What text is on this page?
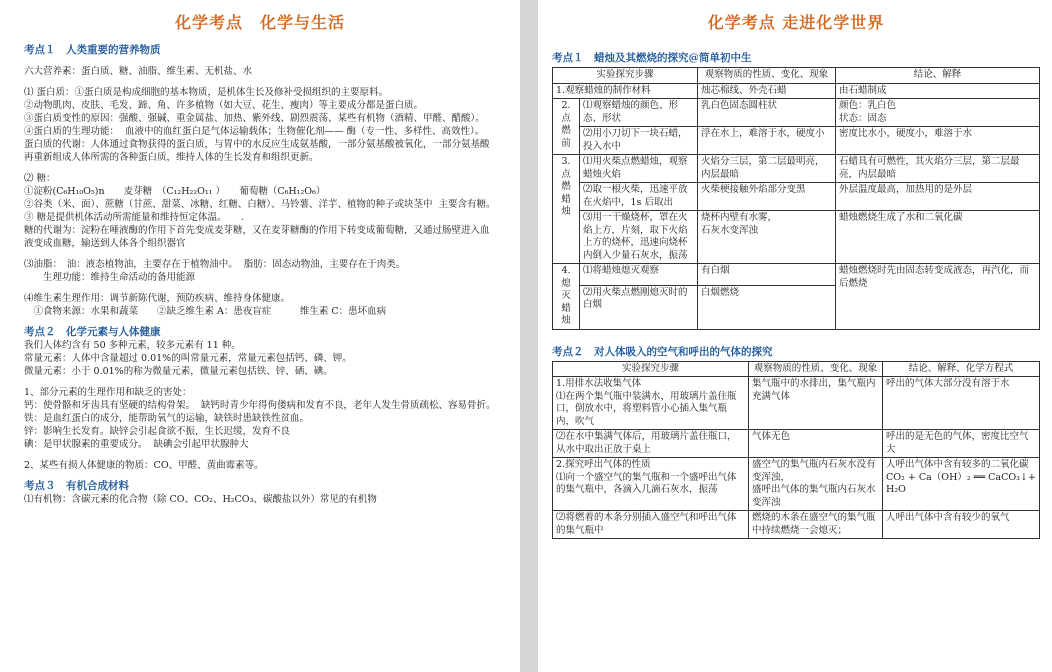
化学考点　化学与生活
考点１　人类重要的营养物质
六大营养素：蛋白质、糖、油脂、维生素、无机盐、水
⑴ 蛋白质：①蛋白质是构成细胞的基本物质，是机体生长及修补受损组织的主要原料。
②动物肌肉、皮肤、毛发、蹄、角、许多植物（如大豆、花生、瘦肉）等主要成分都是蛋白质。
③蛋白质变性的原因：强酸、强碱、重金属盐、加热、紫外线、剧烈震荡、某些有机物（酒精、甲醛、醋酸）。
④蛋白质的生理功能：  血液中的血红蛋白是气体运输载体；生物催化剂—— 酶（专一性、多样性、高效性）。
蛋白质的代谢：人体通过食物获得的蛋白质，与胃中的水反应生成氨基酸，一部分氨基酸被氧化，一部分氨基酸再重新组成人体所需的各种蛋白质，维持人体的生长发育和组织更新。
⑵ 糖：
①淀粉(C₆H₁₀O₅)n　　麦芽糖　（C₁₂H₂₂O₁₁ ）　　葡萄糖（C₆H₁₂O₆）
②谷类（米、面）、蔗糖（甘蔗、甜菜、冰糖、红糖、白糖）、马铃薯、洋芋、植物的种子或块茎中  主要含有糖。
③ 糖是提供机体活动所需能量和维持恒定体温。　　.
糖的代谢为：淀粉在唾液酶的作用下首先变成麦芽糖，又在麦芽糖酶的作用下转变成葡萄糖，又通过肠壁进入血液变成血糖，输送到人体各个组织器官
⑶油脂：　油：液态植物油，主要存在于植物油中。  脂肪：固态动物油，主要存在于肉类。
　　生理功能：维持生命活动的备用能源
⑷维生素生理作用：调节新陈代谢，预防疾病、维持身体健康。
　①食物来源：水果和蔬菜　　②缺乏维生素 A：患夜盲症　　　维生素 C：患坏血病
考点２　化学元素与人体健康
我们人体约含有 50 多种元素，较多元素有 11 种。
常量元素：人体中含量超过 0.01%的叫常量元素，常量元素包括钙、磷、钾。
微量元素：小于 0.01%的称为微量元素，微量元素包括铁、锌、硒、碘。
1、部分元素的生理作用和缺乏的害处：
钙：使骨骼和牙齿具有坚硬的结构骨架。  缺钙时青少年得佝偻病和发育不良，老年人发生骨质疏松、容易骨折。
铁：是血红蛋白的成分，能帮助氧气的运输，缺铁时患缺铁性贫血。
锌：影响生长发育。缺锌会引起食欲不振，生长迟缓，发育不良
碘：是甲状腺素的重要成分。  缺碘会引起甲状腺肿大
2、某些有损人体健康的物质：CO、甲醛、黄曲霉素等。
考点３　有机合成材料
⑴有机物：含碳元素的化合物（除 CO、CO₂、H₂CO₃、碳酸盐以外）常见的有机物
化学考点 走进化学世界
考点１　蜡烛及其燃烧的探究@简单初中生
实验探究步骤		观察物质的性质、变化、现象	结论、解释
1.观察蜡烛的制作材料		烛芯棉线、外壳石蜡	由石蜡制成
2.
点
燃
前	⑴观察蜡烛的颜色、形态、形状	乳白色固态圆柱状	颜色：乳白色
状态：固态
	⑵用小刀切下一块石蜡，投入水中	浮在水上，难溶于水，硬度小	密度比水小，硬度小，难溶于水
3.
点
燃
蜡
烛	⑴用火柴点燃蜡烛，观察蜡烛火焰	火焰分三层，第二层最明亮，内层最暗	石蜡具有可燃性，其火焰分三层，第二层最亮，内层最暗
	⑵取一根火柴，迅速平放在火焰中，1s 后取出	火柴梗接触外焰部分变黑	外层温度最高，加热用的是外层
	⑶用一干燥烧杯，罩在火焰上方，片刻，取下火焰上方的烧杯，迅速向烧杯内倒入少量石灰水，振荡	烧杯内壁有水雾，
石灰水变浑浊	蜡烛燃烧生成了水和二氧化碳
4.
熄
灭
蜡
烛	⑴将蜡烛熄灭观察	有白烟	蜡烛燃烧时先由固态转变成液态，再汽化，而后燃烧
	⑵用火柴点燃刚熄灭时的白烟	白烟燃烧	
考点２　对人体吸入的空气和呼出的气体的探究
实验探究步骤	观察物质的性质、变化、现象	结论、解释、化学方程式
1.用排水法收集气体
⑴在两个集气瓶中装满水，用玻璃片盖住瓶口，倒放水中，将塑料管小心插入集气瓶内，吹气	集气瓶中的水排出，集气瓶内充满气体	呼出的气体大部分没有溶于水
⑵在水中集满气体后，用玻璃片盖住瓶口，从水中取出正放于桌上	气体无色	呼出的是无色的气体，密度比空气大
2.探究呼出气体的性质
⑴向一个盛空气的集气瓶和一个盛呼出气体的集气瓶中，各滴入几滴石灰水，振荡	盛空气的集气瓶内石灰水没有变浑浊，
盛呼出气体的集气瓶内石灰水变浑浊	人呼出气体中含有较多的二氧化碳
CO₂ + Ca（OH）₂ ══ CaCO₃↓+ H₂O
⑵将燃着的木条分别插入盛空气和呼出气体的集气瓶中	燃烧的木条在盛空气的集气瓶中持续燃烧一会熄灭；	人呼出气体中含有较少的氧气
